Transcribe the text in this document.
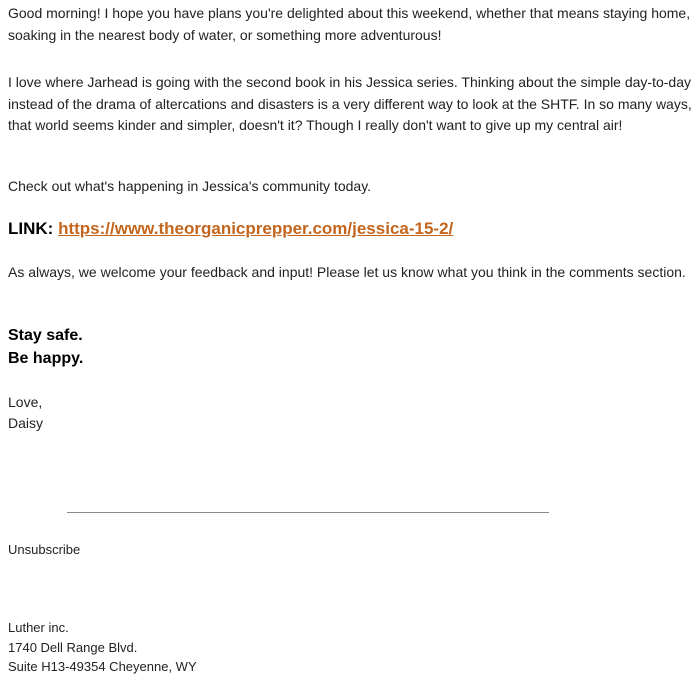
Good morning! I hope you have plans you're delighted about this weekend, whether that means staying home, soaking in the nearest body of water, or something more adventurous!

I love where Jarhead is going with the second book in his Jessica series. Thinking about the simple day-to-day instead of the drama of altercations and disasters is a very different way to look at the SHTF. In so many ways, that world seems kinder and simpler, doesn't it? Though I really don't want to give up my central air!

Check out what's happening in Jessica's community today.

LINK: https://www.theorganicprepper.com/jessica-15-2/

As always, we welcome your feedback and input! Please let us know what you think in the comments section.

Stay safe.

Be happy.

Love,

Daisy

Unsubscribe

Luther inc.

1740 Dell Range Blvd.

Suite H13-49354 Cheyenne, WY
